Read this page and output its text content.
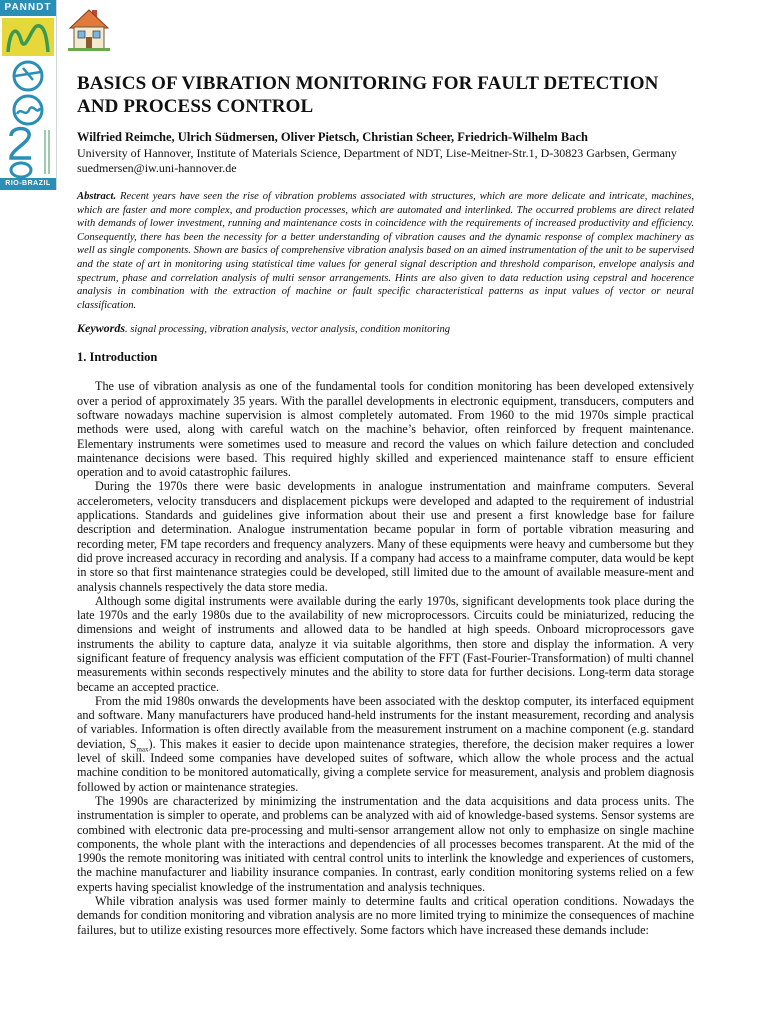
PANNDT
RIO-BRAZIL
BASICS OF VIBRATION MONITORING FOR FAULT DETECTION AND PROCESS CONTROL

Wilfried Reimche, Ulrich Südmersen, Oliver Pietsch, Christian Scheer, Friedrich-Wilhelm Bach

University of Hannover, Institute of Materials Science, Department of NDT, Lise-Meitner-Str.1, D-30823 Garbsen, Germany

suedmersen@iw.uni-hannover.de

Abstract. Recent years have seen the rise of vibration problems associated with structures, which are more delicate and intricate, machines, which are faster and more complex, and production processes, which are automated and interlinked. The occurred problems are direct related with demands of lower investment, running and maintenance costs in coincidence with the requirements of increased productivity and efficiency. Consequently, there has been the necessity for a better understanding of vibration causes and the dynamic response of complex machinery as well as single components. Shown are basics of comprehensive vibration analysis based on an aimed instrumentation of the unit to be supervised and the state of art in monitoring using statistical time values for general signal description and threshold comparison, envelope analysis and spectrum, phase and correlation analysis of multi sensor arrangements. Hints are also given to data reduction using cepstral and hocerence analysis in combination with the extraction of machine or fault specific characteristical patterns as input values of vector or neural classification.

Keywords. signal processing, vibration analysis, vector analysis, condition monitoring

1. Introduction

The use of vibration analysis as one of the fundamental tools for condition monitoring has been developed extensively over a period of approximately 35 years. With the parallel developments in electronic equipment, transducers, computers and software nowadays machine supervision is almost completely automated. From 1960 to the mid 1970s simple practical methods were used, along with careful watch on the machine’s behavior, often reinforced by frequent maintenance. Elementary instruments were sometimes used to measure and record the values on which failure detection and concluded maintenance decisions were based. This required highly skilled and experienced maintenance staff to ensure efficient operation and to avoid catastrophic failures.

During the 1970s there were basic developments in analogue instrumentation and mainframe computers. Several accelerometers, velocity transducers and displacement pickups were developed and adapted to the requirement of industrial applications. Standards and guidelines give information about their use and present a first knowledge base for failure description and determination. Analogue instrumentation became popular in form of portable vibration measuring and recording meter, FM tape recorders and frequency analyzers. Many of these equipments were heavy and cumbersome but they did prove increased accuracy in recording and analysis. If a company had access to a mainframe computer, data would be kept in store so that first maintenance strategies could be developed, still limited due to the amount of available measure-ment and analysis channels respectively the data store media.

Although some digital instruments were available during the early 1970s, significant developments took place during the late 1970s and the early 1980s due to the availability of new microprocessors. Circuits could be miniaturized, reducing the dimensions and weight of instruments and allowed data to be handled at high speeds. Onboard microprocessors gave instruments the ability to capture data, analyze it via suitable algorithms, then store and display the information. A very significant feature of frequency analysis was efficient computation of the FFT (Fast-Fourier-Transformation) of multi channel measurements within seconds respectively minutes and the ability to store data for further decisions. Long-term data storage became an accepted practice.

From the mid 1980s onwards the developments have been associated with the desktop computer, its interfaced equipment and software. Many manufacturers have produced hand-held instruments for the instant measurement, recording and analysis of variables. Information is often directly available from the measurement instrument on a machine component (e.g. standard deviation, $S_{max}$). This makes it easier to decide upon maintenance strategies, therefore, the decision maker requires a lower level of skill. Indeed some companies have developed suites of software, which allow the whole process and the actual machine condition to be monitored automatically, giving a complete service for measurement, analysis and problem diagnosis followed by action or maintenance strategies.

The 1990s are characterized by minimizing the instrumentation and the data acquisitions and data process units. The instrumentation is simpler to operate, and problems can be analyzed with aid of knowledge-based systems. Sensor systems are combined with electronic data pre-processing and multi-sensor arrangement allow not only to emphasize on single machine components, the whole plant with the interactions and dependencies of all processes becomes transparent. At the mid of the 1990s the remote monitoring was initiated with central control units to interlink the knowledge and experiences of customers, the machine manufacturer and liability insurance companies. In contrast, early condition monitoring systems relied on a few experts having specialist knowledge of the instrumentation and analysis techniques.

While vibration analysis was used former mainly to determine faults and critical operation conditions. Nowadays the demands for condition monitoring and vibration analysis are no more limited trying to minimize the consequences of machine failures, but to utilize existing resources more effectively. Some factors which have increased these demands include:
